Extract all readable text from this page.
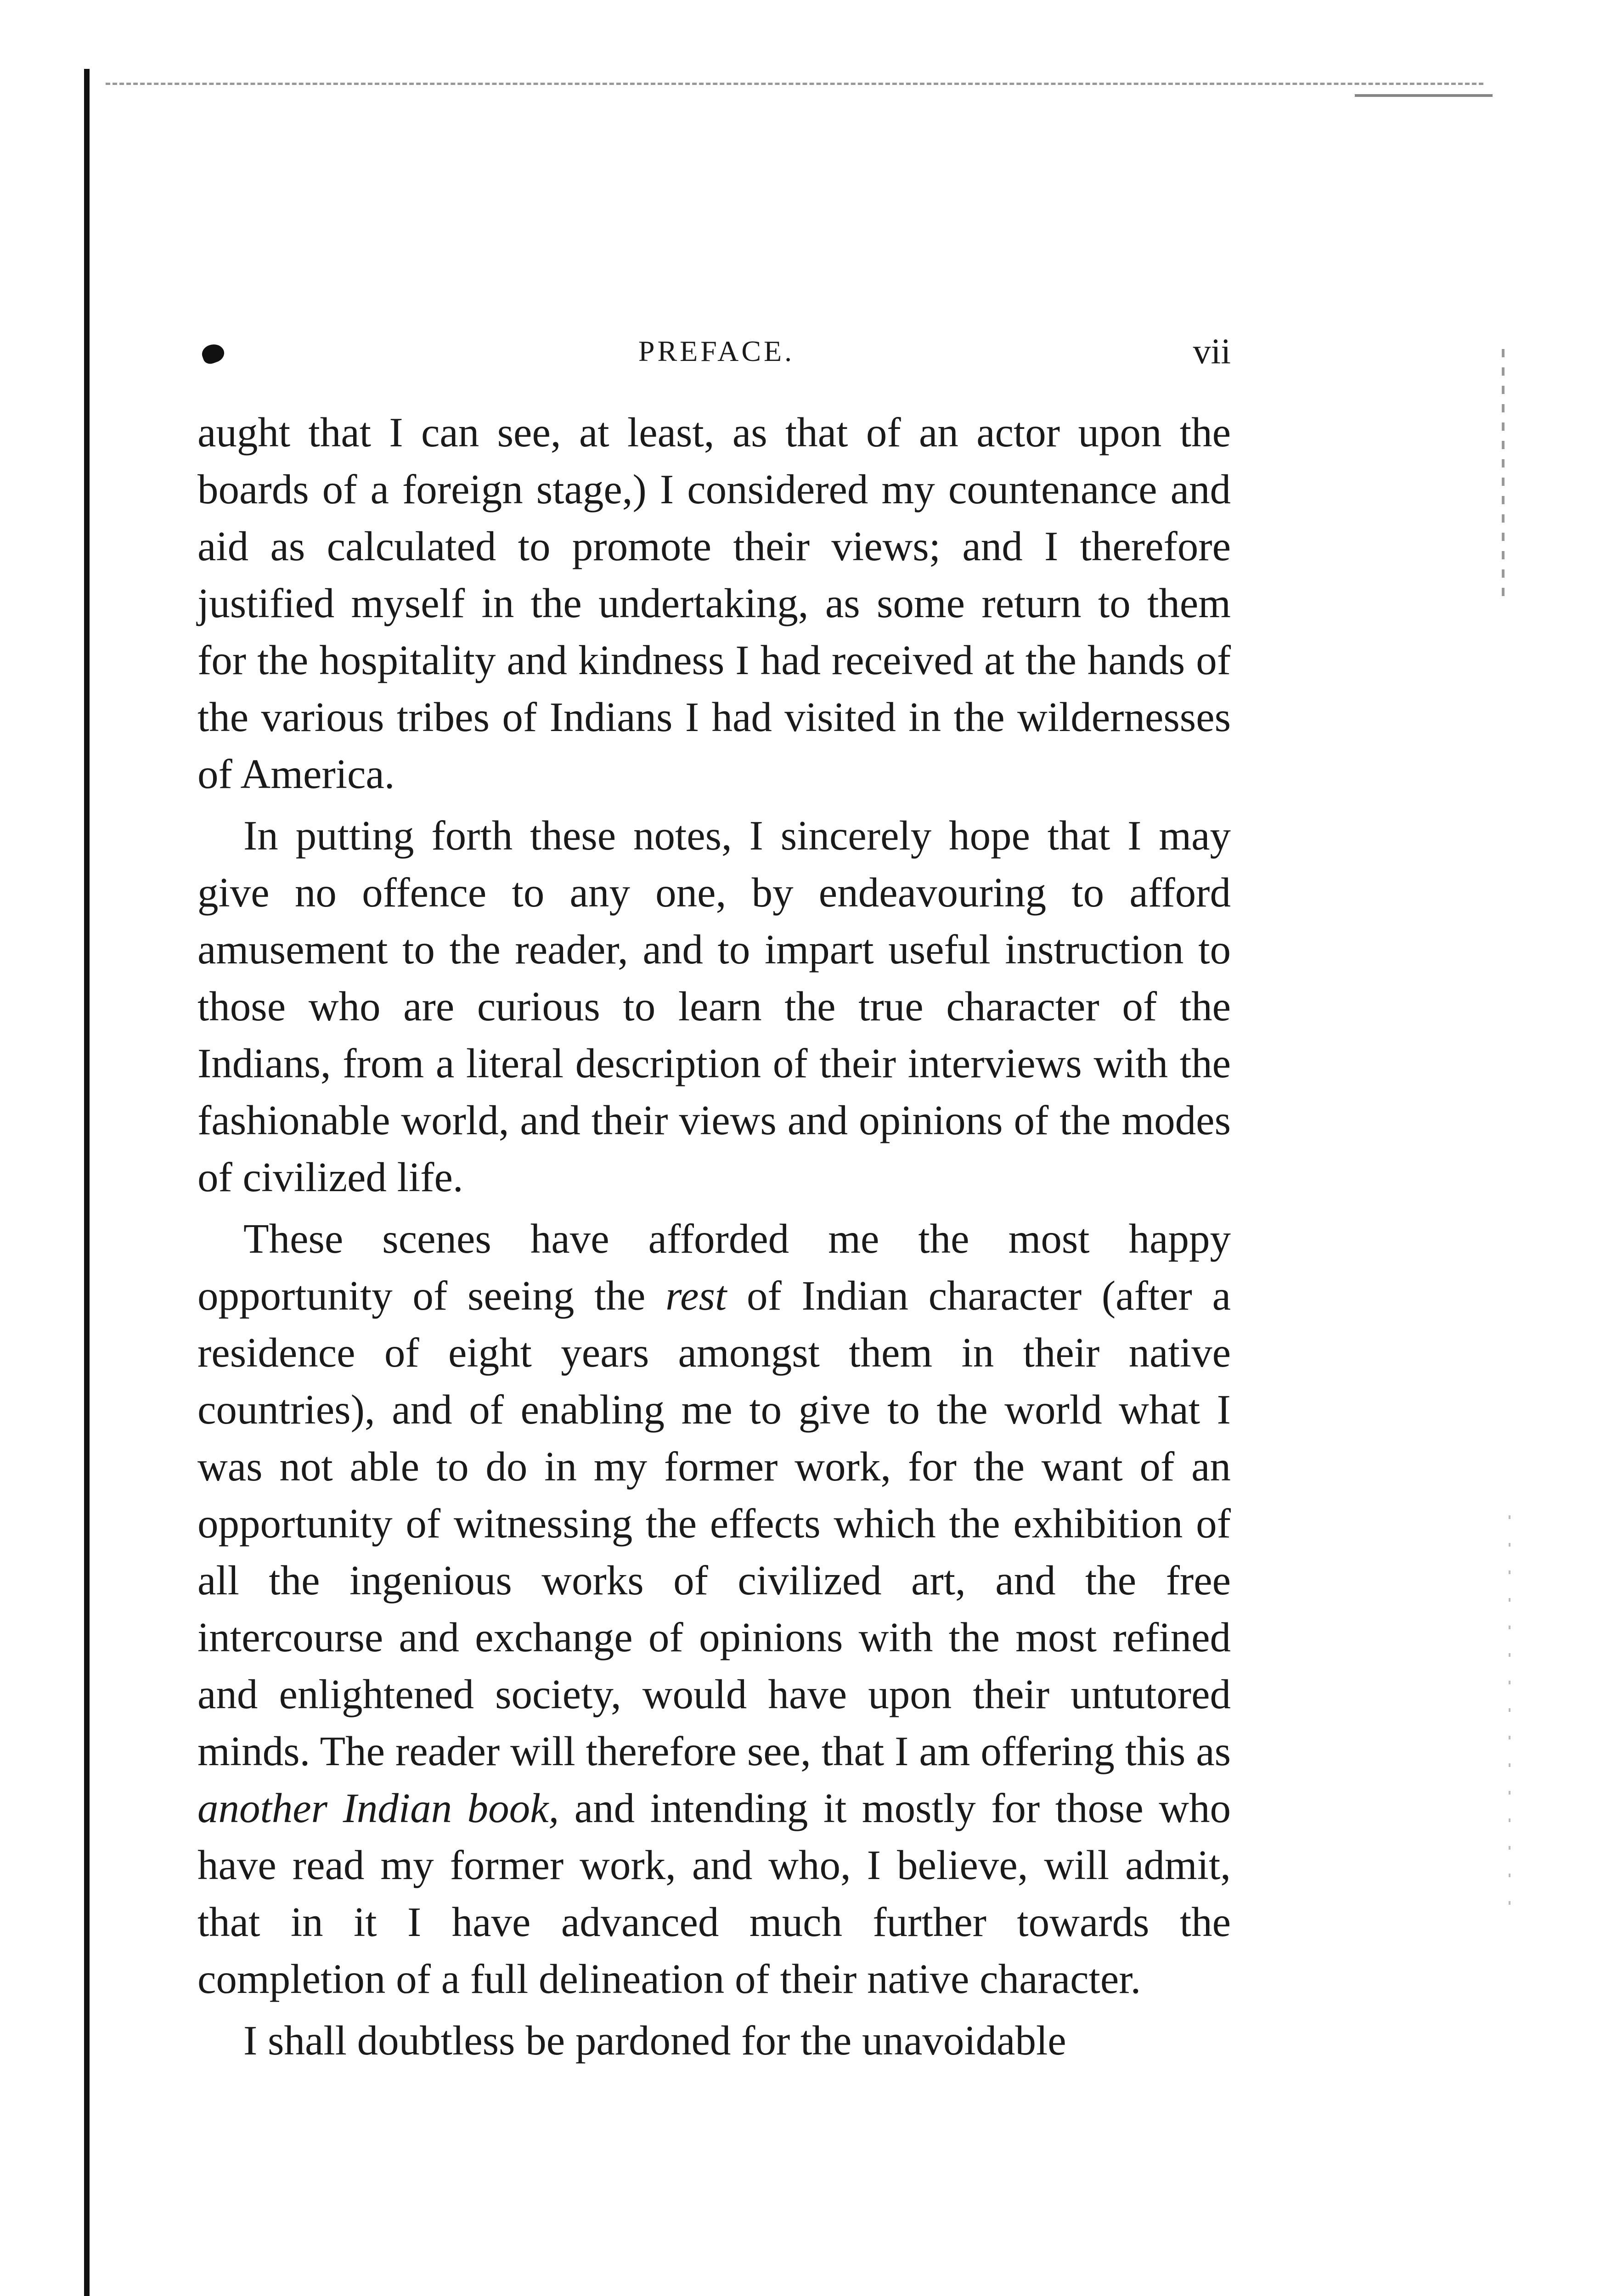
PREFACE.	vii

aught that I can see, at least, as that of an actor upon the boards of a foreign stage,) I considered my countenance and aid as calculated to promote their views; and I therefore justified myself in the undertaking, as some return to them for the hospitality and kindness I had received at the hands of the various tribes of Indians I had visited in the wildernesses of America.

In putting forth these notes, I sincerely hope that I may give no offence to any one, by endeavouring to afford amusement to the reader, and to impart useful instruction to those who are curious to learn the true character of the Indians, from a literal description of their interviews with the fashionable world, and their views and opinions of the modes of civilized life.

These scenes have afforded me the most happy opportunity of seeing the rest of Indian character (after a residence of eight years amongst them in their native countries), and of enabling me to give to the world what I was not able to do in my former work, for the want of an opportunity of witnessing the effects which the exhibition of all the ingenious works of civilized art, and the free intercourse and exchange of opinions with the most refined and enlightened society, would have upon their untutored minds. The reader will therefore see, that I am offering this as another Indian book, and intending it mostly for those who have read my former work, and who, I believe, will admit, that in it I have advanced much further towards the completion of a full delineation of their native character.

I shall doubtless be pardoned for the unavoidable
